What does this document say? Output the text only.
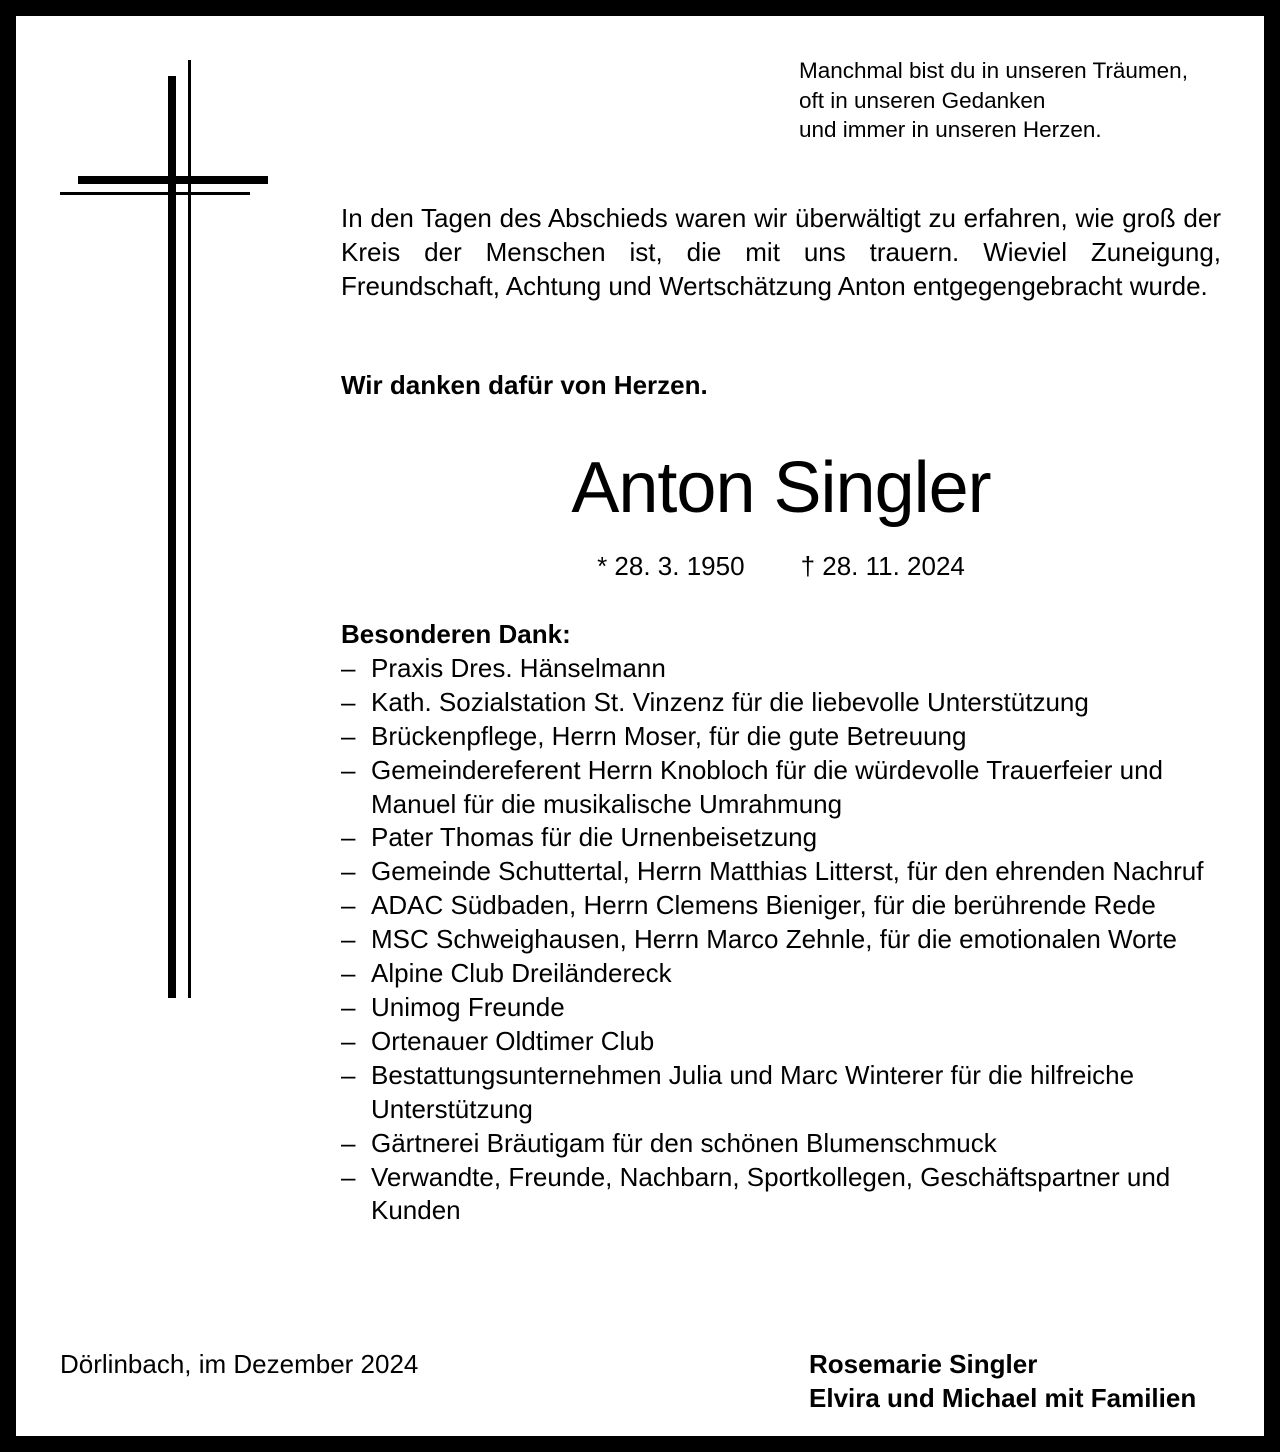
Manchmal bist du in unseren Träumen,
oft in unseren Gedanken
und immer in unseren Herzen.
In den Tagen des Abschieds waren wir überwältigt zu erfahren, wie groß der Kreis der Menschen ist, die mit uns trauern. Wieviel Zuneigung, Freundschaft, Achtung und Wertschätzung Anton entgegengebracht wurde.
Wir danken dafür von Herzen.
Anton Singler
* 28. 3. 1950 † 28. 11. 2024
Besonderen Dank:
– Praxis Dres. Hänselmann
– Kath. Sozialstation St. Vinzenz für die liebevolle Unterstützung
– Brückenpflege, Herrn Moser, für die gute Betreuung
– Gemeindereferent Herrn Knobloch für die würdevolle Trauerfeier und Manuel für die musikalische Umrahmung
– Pater Thomas für die Urnenbeisetzung
– Gemeinde Schuttertal, Herrn Matthias Litterst, für den ehrenden Nachruf
– ADAC Südbaden, Herrn Clemens Bieniger, für die berührende Rede
– MSC Schweighausen, Herrn Marco Zehnle, für die emotionalen Worte
– Alpine Club Dreiländereck
– Unimog Freunde
– Ortenauer Oldtimer Club
– Bestattungsunternehmen Julia und Marc Winterer für die hilfreiche Unterstützung
– Gärtnerei Bräutigam für den schönen Blumenschmuck
– Verwandte, Freunde, Nachbarn, Sportkollegen, Geschäftspartner und Kunden
Dörlinbach, im Dezember 2024	Rosemarie Singler
Elvira und Michael mit Familien
